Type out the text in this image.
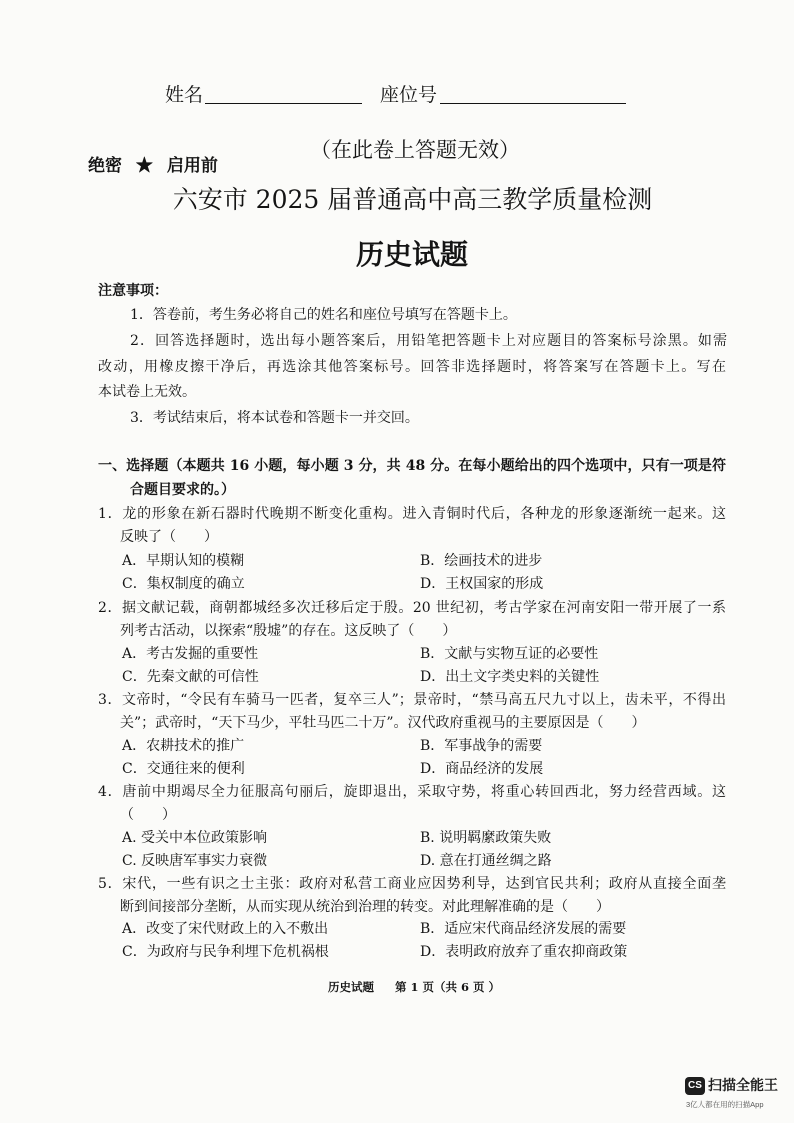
姓名	座位号
（在此卷上答题无效）
绝密 ★ 启用前
六安市 2025 届普通高中高三教学质量检测
历史试题
注意事项：
1．答卷前，考生务必将自己的姓名和座位号填写在答题卡上。
2．回答选择题时，选出每小题答案后，用铅笔把答题卡上对应题目的答案标号涂黑。如需
改动，用橡皮擦干净后，再选涂其他答案标号。回答非选择题时，将答案写在答题卡上。写在
本试卷上无效。
3．考试结束后，将本试卷和答题卡一并交回。
一、选择题（本题共 16 小题，每小题 3 分，共 48 分。在每小题给出的四个选项中，只有一项是符
合题目要求的。）
1．龙的形象在新石器时代晚期不断变化重构。进入青铜时代后，各种龙的形象逐渐统一起来。这
反映了（　　）
A．早期认知的模糊	B．绘画技术的进步
C．集权制度的确立	D．王权国家的形成
2．据文献记载，商朝都城经多次迁移后定于殷。20 世纪初，考古学家在河南安阳一带开展了一系
列考古活动，以探索“殷墟”的存在。这反映了（　　）
A．考古发掘的重要性	B．文献与实物互证的必要性
C．先秦文献的可信性	D．出土文字类史料的关键性
3．文帝时，“令民有车骑马一匹者，复卒三人”；景帝时，“禁马高五尺九寸以上，齿未平，不得出
关”；武帝时，“天下马少，平牡马匹二十万”。汉代政府重视马的主要原因是（　　）
A．农耕技术的推广	B．军事战争的需要
C．交通往来的便利	D．商品经济的发展
4．唐前中期竭尽全力征服高句丽后，旋即退出，采取守势，将重心转回西北，努力经营西域。这
（　　）
A. 受关中本位政策影响	B. 说明羁縻政策失败
C. 反映唐军事实力衰微	D. 意在打通丝绸之路
5．宋代，一些有识之士主张：政府对私营工商业应因势利导，达到官民共利；政府从直接全面垄
断到间接部分垄断，从而实现从统治到治理的转变。对此理解准确的是（　　）
A．改变了宋代财政上的入不敷出	B．适应宋代商品经济发展的需要
C．为政府与民争利埋下危机祸根	D．表明政府放弃了重农抑商政策
历史试题 第 1 页（共 6 页 ）
CS 扫描全能王
3亿人都在用的扫描App
